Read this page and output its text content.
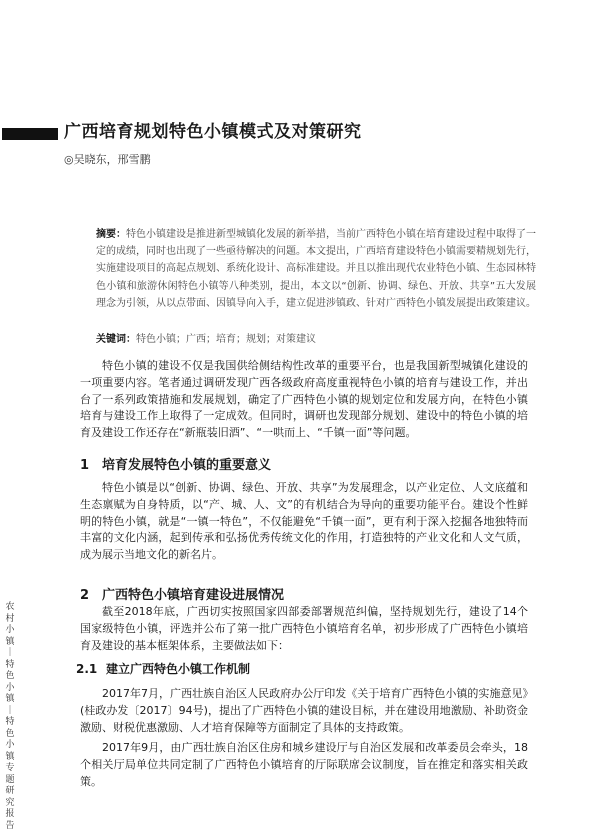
广西培育规划特色小镇模式及对策研究
◎吴晓东，邢雪鹏
摘要：特色小镇建设是推进新型城镇化发展的新举措，当前广西特色小镇在培育建设过程中取得了一定的成绩，同时也出现了一些亟待解决的问题。本文提出，广西培育建设特色小镇需要精规划先行，实施建设项目的高起点规划、系统化设计、高标准建设。并且以推出现代农业特色小镇、生态园林特色小镇和旅游休闲特色小镇等八种类别，提出，本文以“创新、协调、绿色、开放、共享”五大发展理念为引领，从以点带面、因镇导向入手，建立促进涉镇政、针对广西特色小镇发展提出政策建议。
关键词：特色小镇；广西；培育；规划；对策建议
特色小镇的建设不仅是我国供给侧结构性改革的重要平台，也是我国新型城镇化建设的一项重要内容。笔者通过调研发现广西各级政府高度重视特色小镇的培育与建设工作，并出台了一系列政策措施和发展规划，确定了广西特色小镇的规划定位和发展方向，在特色小镇培育与建设工作上取得了一定成效。但同时，调研也发现部分规划、建设中的特色小镇的培育及建设工作还存在“新瓶装旧酒”、“一哄而上、“千镇一面”等问题。
1 培育发展特色小镇的重要意义
特色小镇是以“创新、协调、绿色、开放、共享”为发展理念，以产业定位、人文底蕴和生态禀赋为自身特质，以“产、城、人、文”的有机结合为导向的重要功能平台。建设个性鲜明的特色小镇，就是“一镇一特色”，不仅能避免“千镇一面”，更有利于深入挖掘各地独特而丰富的文化内涵，起到传承和弘扬优秀传统文化的作用，打造独特的产业文化和人文气质，成为展示当地文化的新名片。
2 广西特色小镇培育建设进展情况
截至2018年底，广西切实按照国家四部委部署规范纠偏，坚持规划先行，建设了14个国家级特色小镇，评选并公布了第一批广西特色小镇培育名单，初步形成了广西特色小镇培育及建设的基本框架体系，主要做法如下：
2.1 建立广西特色小镇工作机制
2017年7月，广西壮族自治区人民政府办公厅印发《关于培育广西特色小镇的实施意见》(桂政办发〔2017〕94号)，提出了广西特色小镇的建设目标，并在建设用地激励、补助资金激励、财税优惠激励、人才培育保障等方面制定了具体的支持政策。
2017年9月，由广西壮族自治区住房和城乡建设厅与自治区发展和改革委员会牵头，18个相关厅局单位共同定制了广西特色小镇培育的厅际联席会议制度，旨在推定和落实相关政策。
农村小镇｜特色小镇｜特色小镇专题研究报告
